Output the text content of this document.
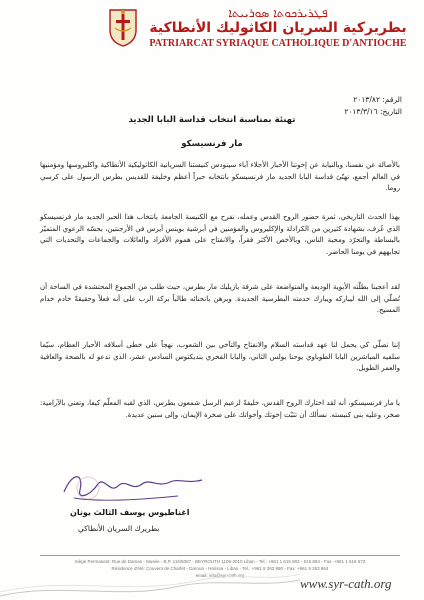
ܦܛܪܝܪܟܘܬܐ ܣܘܪܝܝܬܐ
بطريركية السريان الكاثوليك الأنطاكية
PATRIARCAT SYRIAQUE CATHOLIQUE D'ANTIOCHE
الرقم: ٢٠١٣/٨٢
التاريخ: ٢٠١٣/٣/١٦
تهنئة بمناسبة انتخاب قداسة البابا الجديد
مار فرنسيسكو
بالأصالة عن نفسنا، وبالنيابة عن إخوتنا الأحبار الأجلاء آباء سينودس كنيستنا السريانية الكاثوليكية الأنطاكية واكليروسها ومؤمنيها في العالم أجمع، نهنّئ قداسة البابا الجديد مار فرنسيسكو بانتخابه حبراً أعظم وخليفة للقديس بطرس الرسول على كرسي روما.
بهذا الحدث التاريخي، ثمرة حضور الروح القدس وعمله، نفرح مع الكنيسة الجامعة بانتخاب هذا الحبر الجديد مار فرنسيسكو الذي عُرف، بشهادة كثيرين من الكرادلة والإكليروس والمؤمنين في أبرشية بوينس أيرس في الأرجنتين، بحسّه الرعوي المتميّز بالبساطة والتجرّد ومحبة الناس، وبالأخص الأكثر فقراً، والانفتاح على هموم الأفراد والعائلات والجماعات والتحديات التي تجابههم في يومنا الحاضر.
لقد أعجبنا بطلّته الأبوية الوديعة والمتواضعة على شرفة بازيليك مار بطرس، حيث طلب من الجموع المحتشدة في الساحة أن تُصلّي إلى الله ليباركه ويبارك خدمته البطرسية الجديدة. وبرهن بانحنائه طالباً بركة الرب على أنه فعلاً وحقيقةً خادم خدام المسيح.
إننا نصلّي كي يحمل لنا عهد قداسته السلام والانفتاح والتآخي بين الشعوب، نهجاً على خطى أسلافه الأحبار العظام، سيّما سلفيه المباشرين البابا الطوباوي يوحنا بولس الثاني، والبابا الفخري بنديكتوس السادس عشر، الذي ندعو له بالصحة والعافية والعمر الطويل.
يا مار فرنسيسكو، أنه لقد اختارك الروح القدس، خليفةً لزعيم الرسل شمعون بطرس، الذي لقبه المعلّم كيفا، وتعني بالآرامية: صخر، وعليه بنى كنيسته. نسألك أن تثبّت إخوتك وأخواتك على صخرة الإيمان، وإلى سنين عديدة.
اغناطيوس يوسف الثالث يونان
بطريرك السريان الأنطاكي
Siège Permanent: Rue de Damas - Musée - B.P. 116/5087 - BEYROUTH 1106-2010 Liban - Tel.: +961 1 615 892 - 615 894 - Fax: +961 1 616 573
Résidence d'été: Couvent de Charfet - Daroun - Harissa - Liban - Tel.: +961 9 263 880 - Fax: +961 9 263 864
email: info@syr-cath.org
www.syr-cath.org
